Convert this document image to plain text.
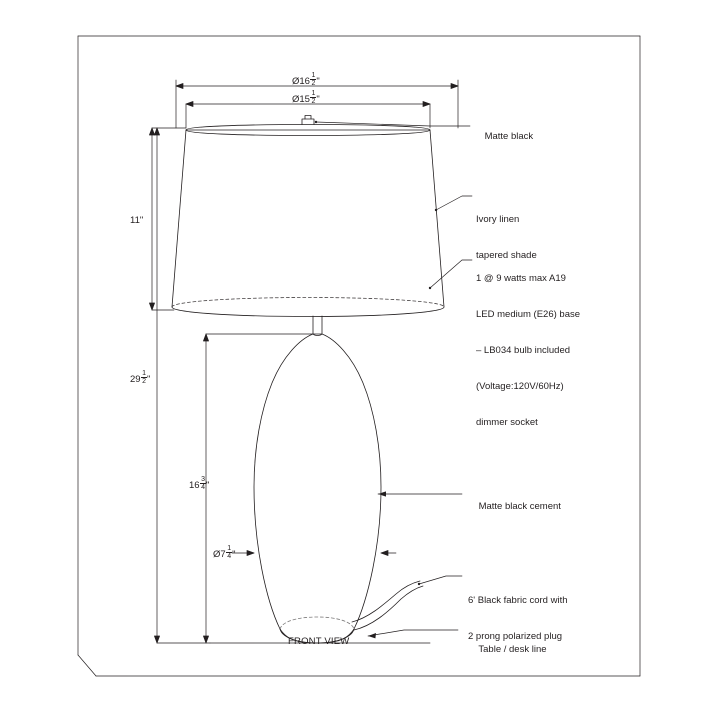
Ø16 $\frac{1}{2}$ "
Ø15 $\frac{1}{2}$ "
11"
$29 \frac{1}{2}$ "
$16 \frac{3}{4}$ "
Ø7 $\frac{1}{4}$ "

Matte black

Ivory linen

tapered shade

1 @ 9 watts max A19

LED medium (E26) base

– LB034 bulb included

(Voltage:120V/60Hz)

dimmer socket

Matte black cement

6' Black fabric cord with

2 prong polarized plug

Table / desk line

FRONT VIEW
